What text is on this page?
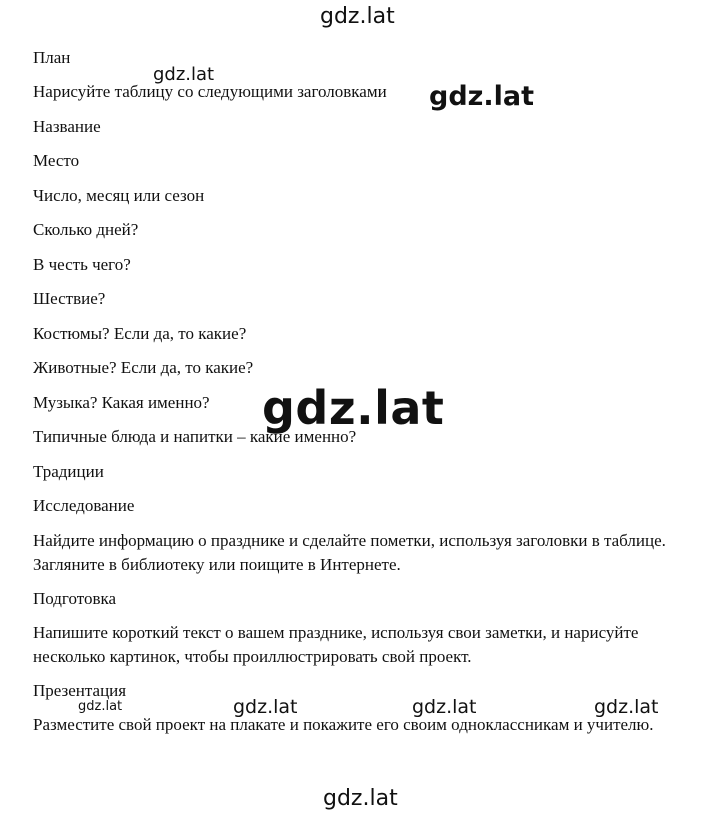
План
Нарисуйте таблицу со следующими заголовками
Название
Место
Число, месяц или сезон
Сколько дней?
В честь чего?
Шествие?
Костюмы? Если да, то какие?
Животные? Если да, то какие?
Музыка? Какая именно?
Типичные блюда и напитки – какие именно?
Традиции
Исследование
Найдите информацию о празднике и сделайте пометки, используя заголовки в таблице. Загляните в библиотеку или поищите в Интернете.
Подготовка
Напишите короткий текст о вашем празднике, используя свои заметки, и нарисуйте несколько картинок, чтобы проиллюстрировать свой проект.
Презентация
Разместите свой проект на плакате и покажите его своим одноклассникам и учителю.
gdz.lat
gdz.lat
gdz.lat
gdz.lat
gdz.lat	gdz.lat	gdz.lat	gdz.lat
gdz.lat
